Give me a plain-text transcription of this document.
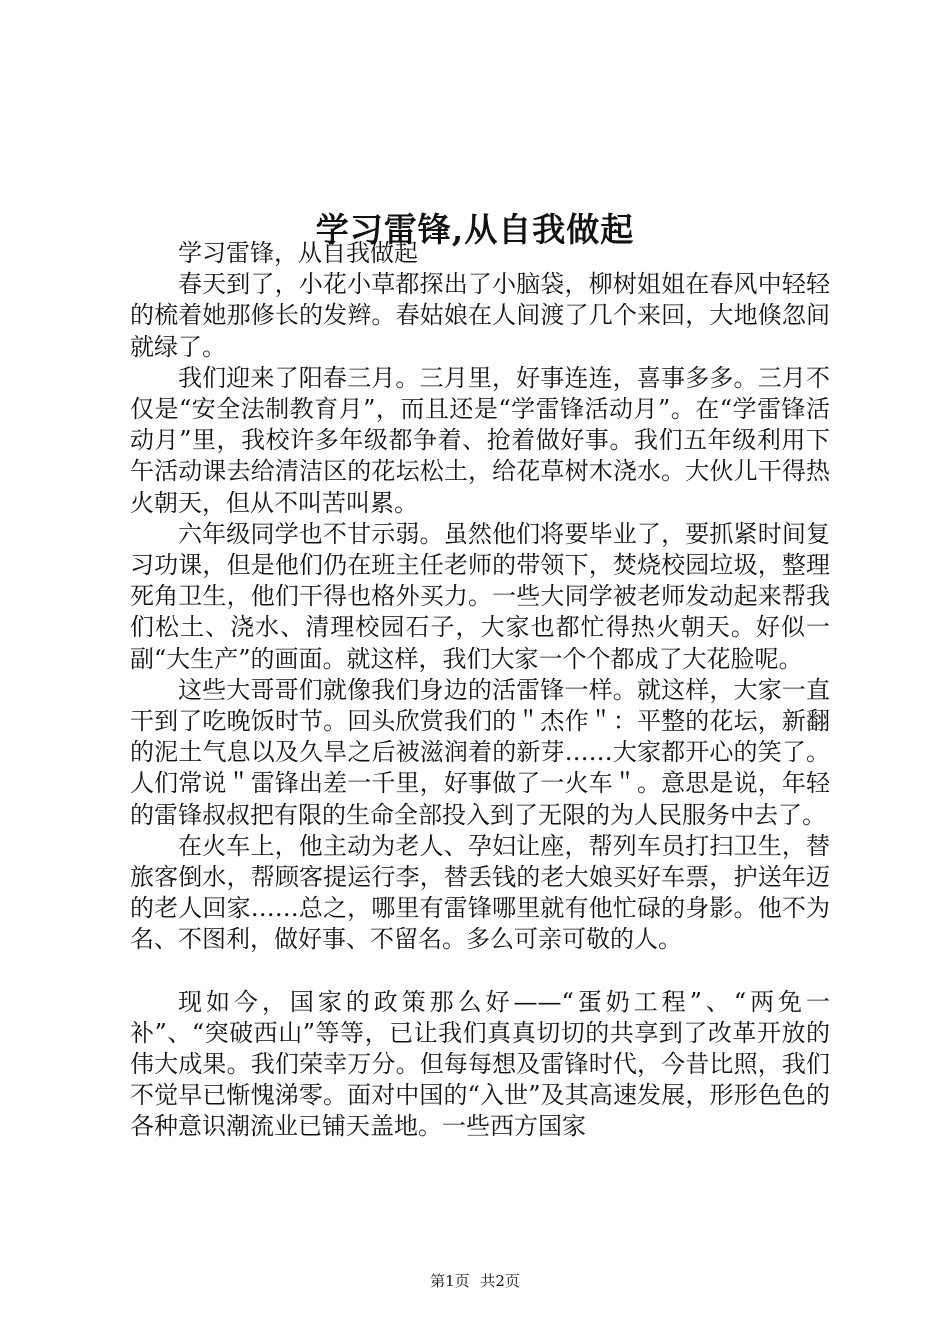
学习雷锋,从自我做起

学习雷锋，从自我做起

春天到了，小花小草都探出了小脑袋，柳树姐姐在春风中轻轻的梳着她那修长的发辫。春姑娘在人间渡了几个来回，大地倏忽间就绿了。

我们迎来了阳春三月。三月里，好事连连，喜事多多。三月不仅是“安全法制教育月”，而且还是“学雷锋活动月”。在“学雷锋活动月”里，我校许多年级都争着、抢着做好事。我们五年级利用下午活动课去给清洁区的花坛松土，给花草树木浇水。大伙儿干得热火朝天，但从不叫苦叫累。

六年级同学也不甘示弱。虽然他们将要毕业了，要抓紧时间复习功课，但是他们仍在班主任老师的带领下，焚烧校园垃圾，整理死角卫生，他们干得也格外买力。一些大同学被老师发动起来帮我们松土、浇水、清理校园石子，大家也都忙得热火朝天。好似一副“大生产”的画面。就这样，我们大家一个个都成了大花脸呢。

这些大哥哥们就像我们身边的活雷锋一样。就这样，大家一直干到了吃晚饭时节。回头欣赏我们的＂杰作＂：平整的花坛，新翻的泥土气息以及久旱之后被滋润着的新芽……大家都开心的笑了。人们常说＂雷锋出差一千里，好事做了一火车＂。意思是说，年轻的雷锋叔叔把有限的生命全部投入到了无限的为人民服务中去了。

在火车上，他主动为老人、孕妇让座，帮列车员打扫卫生，替旅客倒水，帮顾客提运行李，替丢钱的老大娘买好车票，护送年迈的老人回家……总之，哪里有雷锋哪里就有他忙碌的身影。他不为名、不图利，做好事、不留名。多么可亲可敬的人。

现如今，国家的政策那么好——“蛋奶工程”、“两免一补”、“突破西山”等等，已让我们真真切切的共享到了改革开放的伟大成果。我们荣幸万分。但每每想及雷锋时代，今昔比照，我们不觉早已惭愧涕零。面对中国的“入世”及其高速发展，形形色色的各种意识潮流业已铺天盖地。一些西方国家

第1页 共2页
